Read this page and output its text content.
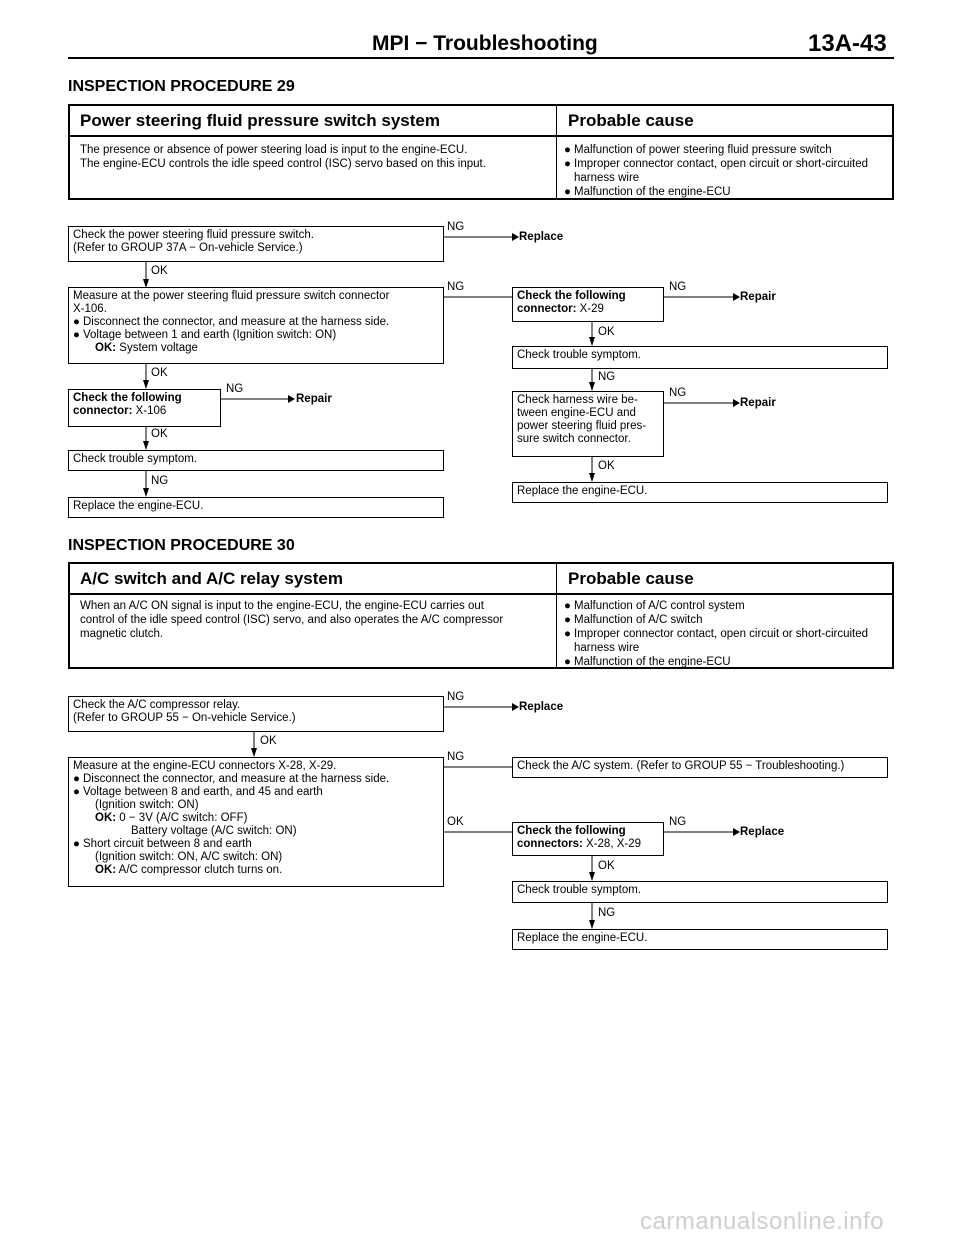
MPI − Troubleshooting	13A-43
INSPECTION PROCEDURE 29
Power steering fluid pressure switch system	Probable cause
The presence or absence of power steering load is input to the engine-ECU.
The engine-ECU controls the idle speed control (ISC) servo based on this input.
● Malfunction of power steering fluid pressure switch
● Improper connector contact, open circuit or short-circuited harness wire
● Malfunction of the engine-ECU
Check the power steering fluid pressure switch.
(Refer to GROUP 37A − On-vehicle Service.)
NG
Replace
OK
Measure at the power steering fluid pressure switch connector
X-106.
● Disconnect the connector, and measure at the harness side.
● Voltage between 1 and earth (Ignition switch: ON)
OK: System voltage
NG
Check the following
connector: X-29
NG
Repair
OK
Check trouble symptom.
NG
OK
Check the following
connector: X-106
NG
Repair	Check harness wire be-
tween engine-ECU and
power steering fluid pres-
sure switch connector.
NG
Repair
OK
Check trouble symptom.
NG
Replace the engine-ECU.
OK
Replace the engine-ECU.
INSPECTION PROCEDURE 30
A/C switch and A/C relay system	Probable cause
When an A/C ON signal is input to the engine-ECU, the engine-ECU carries out
control of the idle speed control (ISC) servo, and also operates the A/C compressor
magnetic clutch.
● Malfunction of A/C control system
● Malfunction of A/C switch
● Improper connector contact, open circuit or short-circuited harness wire
● Malfunction of the engine-ECU
Check the A/C compressor relay.
(Refer to GROUP 55 − On-vehicle Service.)
NG
Replace
OK
Measure at the engine-ECU connectors X-28, X-29.
● Disconnect the connector, and measure at the harness side.
● Voltage between 8 and earth, and 45 and earth
(Ignition switch: ON)
OK: 0 − 3V (A/C switch: OFF)
Battery voltage (A/C switch: ON)
● Short circuit between 8 and earth
(Ignition switch: ON, A/C switch: ON)
OK: A/C compressor clutch turns on.
NG
Check the A/C system. (Refer to GROUP 55 − Troubleshooting.)
OK
Check the following
connectors: X-28, X-29
NG
Replace
OK
Check trouble symptom.
NG
Replace the engine-ECU.
carmanualsonline.info
